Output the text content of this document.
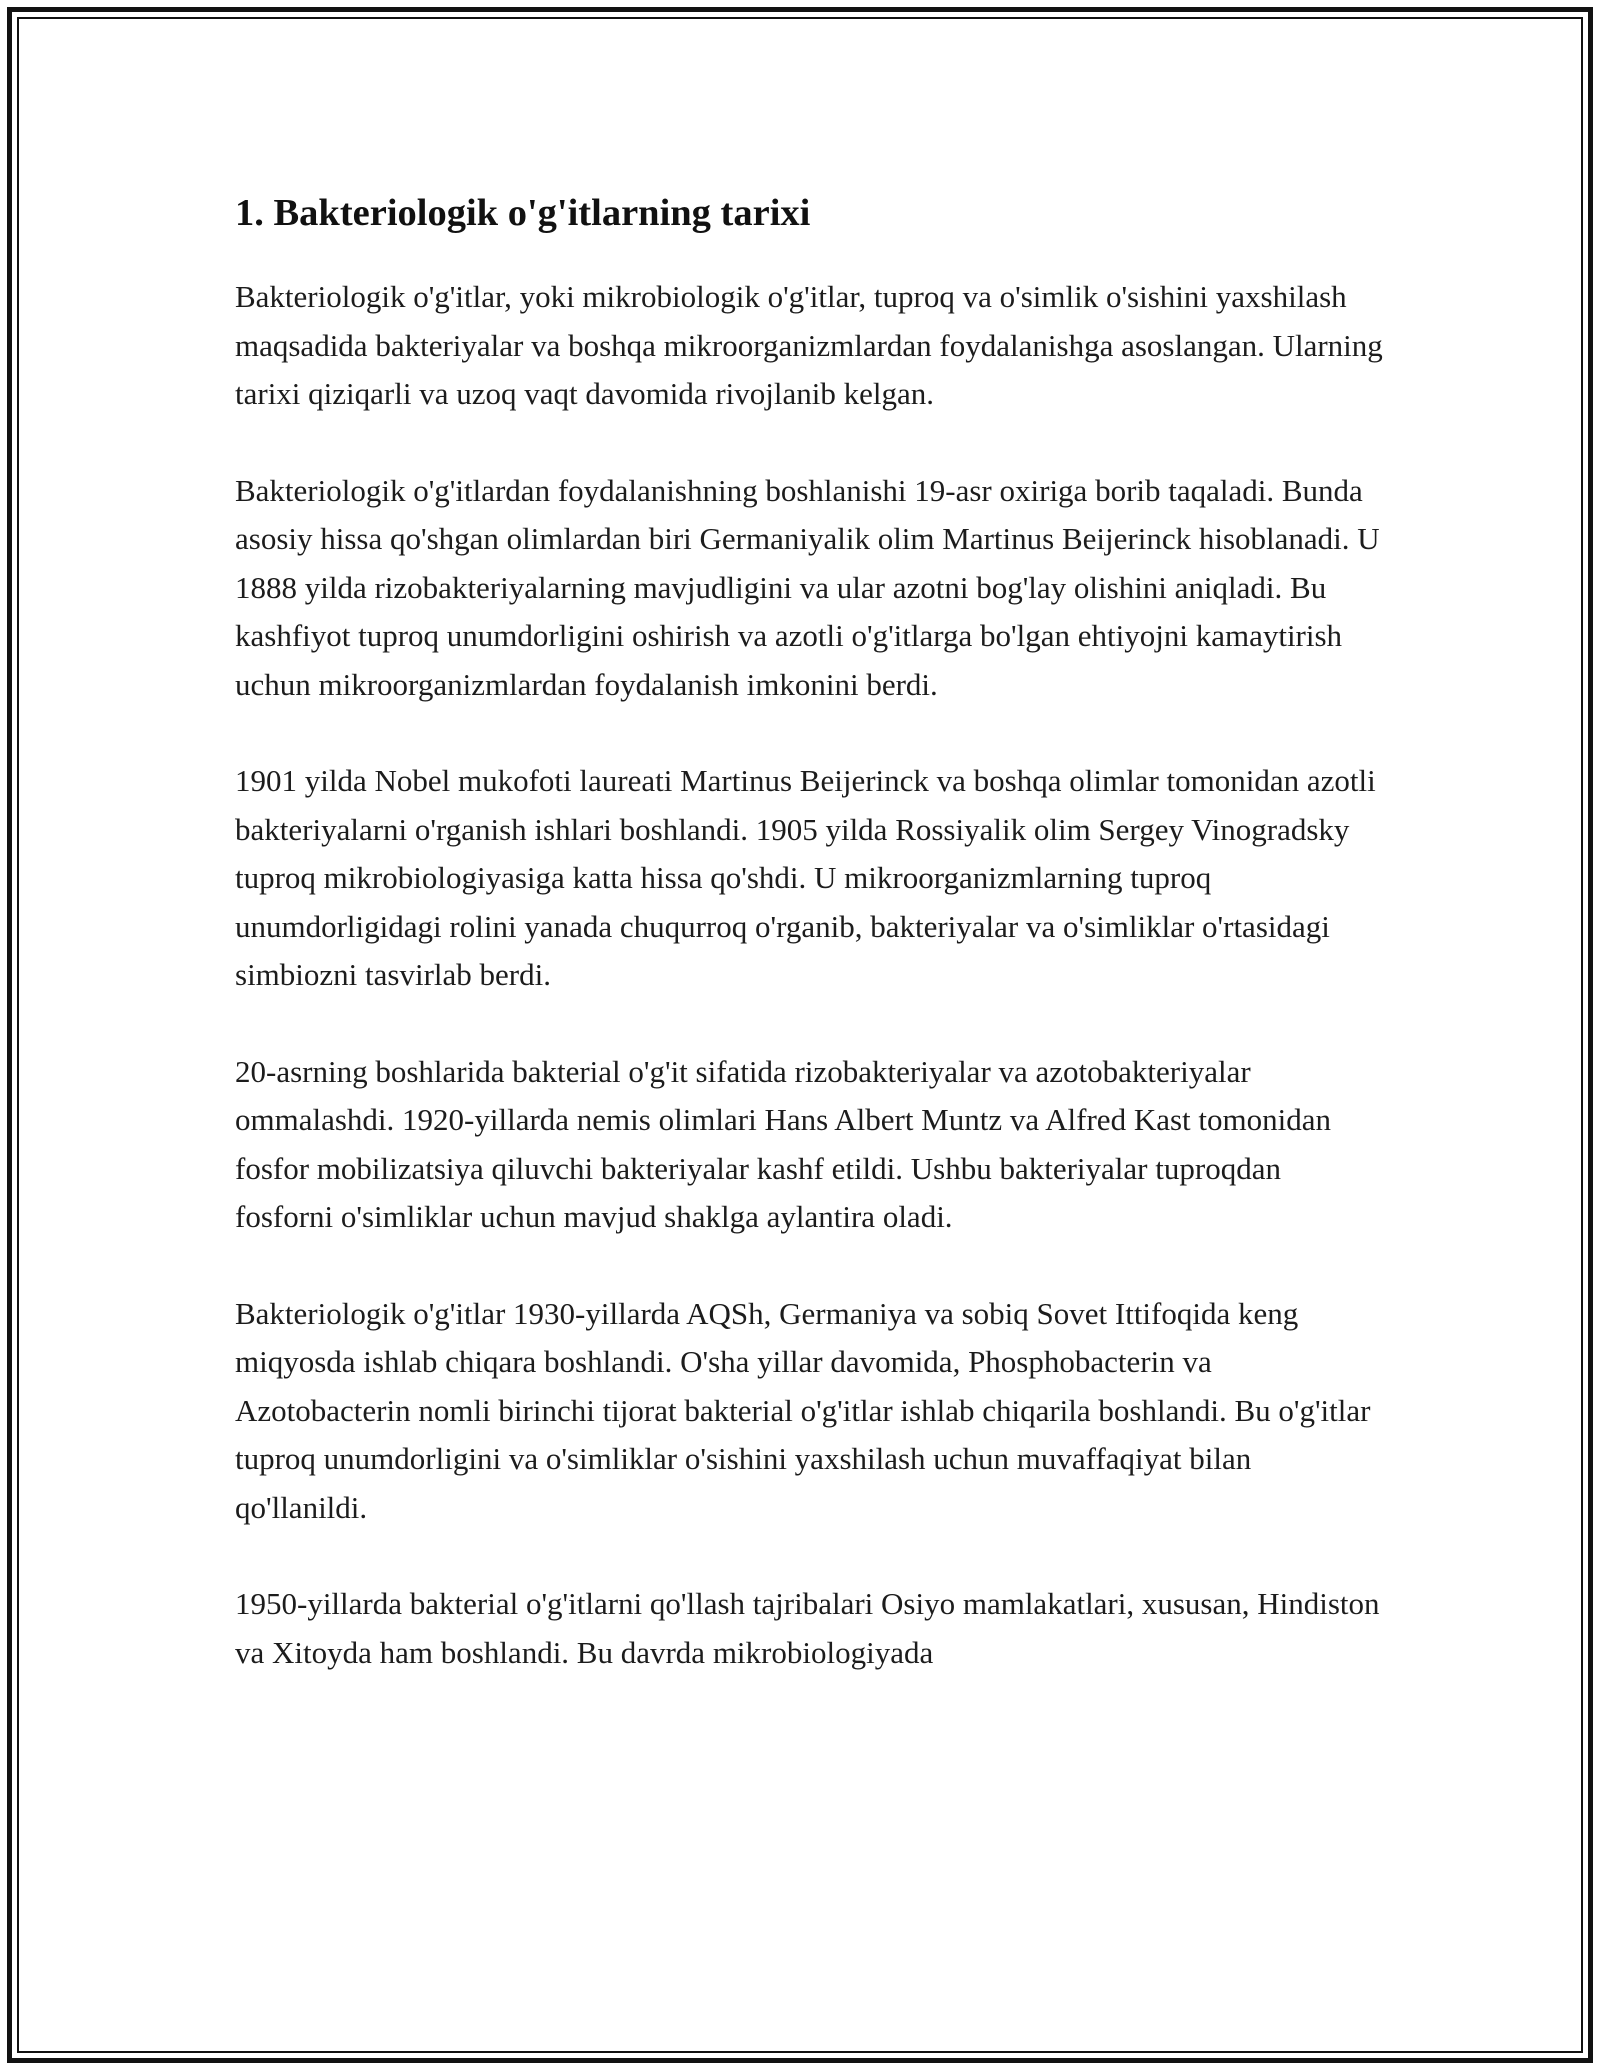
1. Bakteriologik o'g'itlarning tarixi

Bakteriologik o'g'itlar, yoki mikrobiologik o'g'itlar, tuproq va o'simlik o'sishini yaxshilash maqsadida bakteriyalar va boshqa mikroorganizmlardan foydalanishga asoslangan. Ularning tarixi qiziqarli va uzoq vaqt davomida rivojlanib kelgan.

Bakteriologik o'g'itlardan foydalanishning boshlanishi 19-asr oxiriga borib taqaladi. Bunda asosiy hissa qo'shgan olimlardan biri Germaniyalik olim Martinus Beijerinck hisoblanadi. U 1888 yilda rizobakteriyalarning mavjudligini va ular azotni bog'lay olishini aniqladi. Bu kashfiyot tuproq unumdorligini oshirish va azotli o'g'itlarga bo'lgan ehtiyojni kamaytirish uchun mikroorganizmlardan foydalanish imkonini berdi.

1901 yilda Nobel mukofoti laureati Martinus Beijerinck va boshqa olimlar tomonidan azotli bakteriyalarni o'rganish ishlari boshlandi. 1905 yilda Rossiyalik olim Sergey Vinogradsky tuproq mikrobiologiyasiga katta hissa qo'shdi. U mikroorganizmlarning tuproq unumdorligidagi rolini yanada chuqurroq o'rganib, bakteriyalar va o'simliklar o'rtasidagi simbiozni tasvirlab berdi.

20-asrning boshlarida bakterial o'g'it sifatida rizobakteriyalar va azotobakteriyalar ommalashdi. 1920-yillarda nemis olimlari Hans Albert Muntz va Alfred Kast tomonidan fosfor mobilizatsiya qiluvchi bakteriyalar kashf etildi. Ushbu bakteriyalar tuproqdan fosforni o'simliklar uchun mavjud shaklga aylantira oladi.

Bakteriologik o'g'itlar 1930-yillarda AQSh, Germaniya va sobiq Sovet Ittifoqida keng miqyosda ishlab chiqara boshlandi. O'sha yillar davomida, Phosphobacterin va Azotobacterin nomli birinchi tijorat bakterial o'g'itlar ishlab chiqarila boshlandi. Bu o'g'itlar tuproq unumdorligini va o'simliklar o'sishini yaxshilash uchun muvaffaqiyat bilan qo'llanildi.

1950-yillarda bakterial o'g'itlarni qo'llash tajribalari Osiyo mamlakatlari, xususan, Hindiston va Xitoyda ham boshlandi. Bu davrda mikrobiologiyada
